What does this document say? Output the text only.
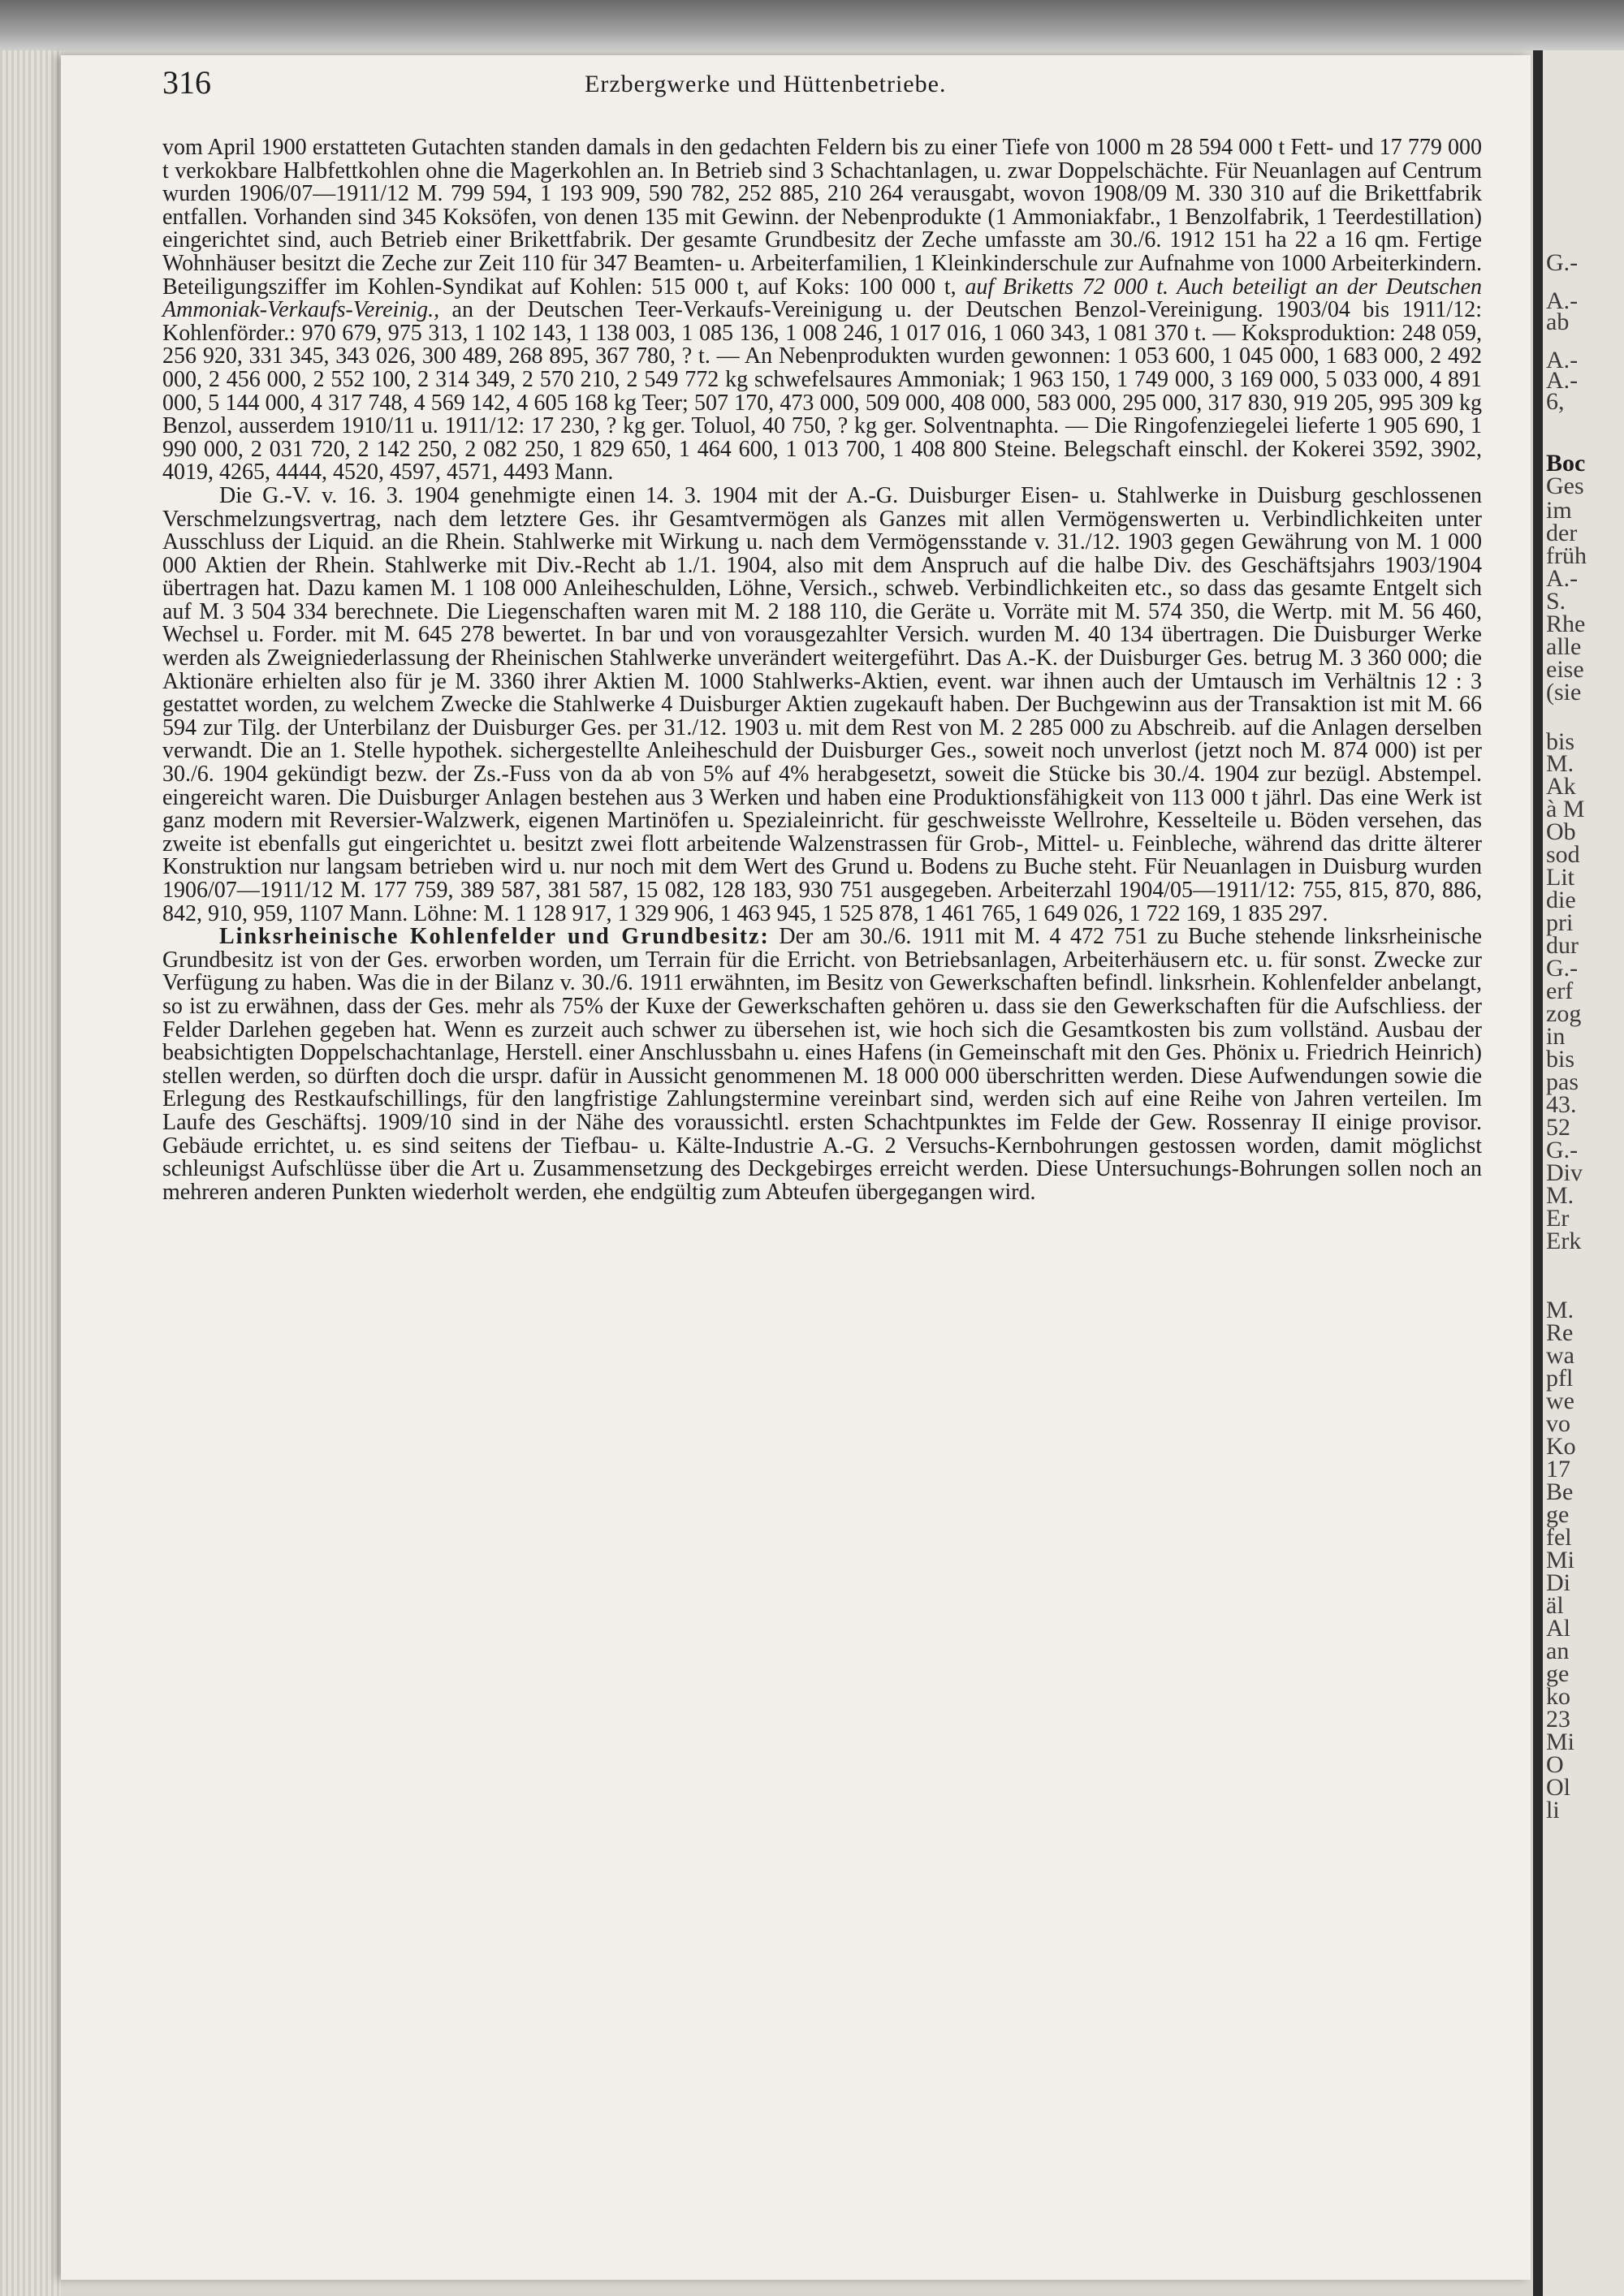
G.-
A.-
ab
A.-
A.-
6,
Boc
Ges
im
der
früh
A.-
S.
Rhe
alle
eise
(sie
bis
M.
Ak
à M
Ob
sod
Lit
die
pri
dur
G.-
erf
zog
in
bis
pas
43.
52
G.-
Div
M.
Er
Erk
M.
Re
wa
pfl
we
vo
Ko
17
Be
ge
fel
Mi
Di
äl
Al
an
ge
ko
23
Mi
O
Ol
li
316	Erzbergwerke und Hüttenbetriebe.

vom April 1900 erstatteten Gutachten standen damals in den gedachten Feldern bis zu einer Tiefe von 1000 m 28 594 000 t Fett- und 17 779 000 t verkokbare Halbfettkohlen ohne die Magerkohlen an. In Betrieb sind 3 Schachtanlagen, u. zwar Doppelschächte. Für Neuanlagen auf Centrum wurden 1906/07—1911/12 M. 799 594, 1 193 909, 590 782, 252 885, 210 264 verausgabt, wovon 1908/09 M. 330 310 auf die Brikettfabrik entfallen. Vorhanden sind 345 Koksöfen, von denen 135 mit Gewinn. der Nebenprodukte (1 Ammoniakfabr., 1 Benzolfabrik, 1 Teerdestillation) eingerichtet sind, auch Betrieb einer Brikettfabrik. Der gesamte Grundbesitz der Zeche umfasste am 30./6. 1912 151 ha 22 a 16 qm. Fertige Wohnhäuser besitzt die Zeche zur Zeit 110 für 347 Beamten- u. Arbeiterfamilien, 1 Kleinkinderschule zur Aufnahme von 1000 Arbeiterkindern. Beteiligungsziffer im Kohlen-Syndikat auf Kohlen: 515 000 t, auf Koks: 100 000 t, auf Briketts 72 000 t. Auch beteiligt an der Deutschen Ammoniak-Verkaufs-Vereinig., an der Deutschen Teer-Verkaufs-Vereinigung u. der Deutschen Benzol-Vereinigung. 1903/04 bis 1911/12: Kohlenförder.: 970 679, 975 313, 1 102 143, 1 138 003, 1 085 136, 1 008 246, 1 017 016, 1 060 343, 1 081 370 t. — Koksproduktion: 248 059, 256 920, 331 345, 343 026, 300 489, 268 895, 367 780, ? t. — An Nebenprodukten wurden gewonnen: 1 053 600, 1 045 000, 1 683 000, 2 492 000, 2 456 000, 2 552 100, 2 314 349, 2 570 210, 2 549 772 kg schwefelsaures Ammoniak; 1 963 150, 1 749 000, 3 169 000, 5 033 000, 4 891 000, 5 144 000, 4 317 748, 4 569 142, 4 605 168 kg Teer; 507 170, 473 000, 509 000, 408 000, 583 000, 295 000, 317 830, 919 205, 995 309 kg Benzol, ausserdem 1910/11 u. 1911/12: 17 230, ? kg ger. Toluol, 40 750, ? kg ger. Solventnaphta. — Die Ringofenziegelei lieferte 1 905 690, 1 990 000, 2 031 720, 2 142 250, 2 082 250, 1 829 650, 1 464 600, 1 013 700, 1 408 800 Steine. Belegschaft einschl. der Kokerei 3592, 3902, 4019, 4265, 4444, 4520, 4597, 4571, 4493 Mann.

Die G.-V. v. 16. 3. 1904 genehmigte einen 14. 3. 1904 mit der A.-G. Duisburger Eisen- u. Stahlwerke in Duisburg geschlossenen Verschmelzungsvertrag, nach dem letztere Ges. ihr Gesamtvermögen als Ganzes mit allen Vermögenswerten u. Verbindlichkeiten unter Ausschluss der Liquid. an die Rhein. Stahlwerke mit Wirkung u. nach dem Vermögensstande v. 31./12. 1903 gegen Gewährung von M. 1 000 000 Aktien der Rhein. Stahlwerke mit Div.-Recht ab 1./1. 1904, also mit dem Anspruch auf die halbe Div. des Geschäftsjahrs 1903/1904 übertragen hat. Dazu kamen M. 1 108 000 Anleiheschulden, Löhne, Versich., schweb. Verbindlichkeiten etc., so dass das gesamte Entgelt sich auf M. 3 504 334 berechnete. Die Liegenschaften waren mit M. 2 188 110, die Geräte u. Vorräte mit M. 574 350, die Wertp. mit M. 56 460, Wechsel u. Forder. mit M. 645 278 bewertet. In bar und von vorausgezahlter Versich. wurden M. 40 134 übertragen. Die Duisburger Werke werden als Zweigniederlassung der Rheinischen Stahlwerke unverändert weitergeführt. Das A.-K. der Duisburger Ges. betrug M. 3 360 000; die Aktionäre erhielten also für je M. 3360 ihrer Aktien M. 1000 Stahlwerks-Aktien, event. war ihnen auch der Umtausch im Verhältnis 12 : 3 gestattet worden, zu welchem Zwecke die Stahlwerke 4 Duisburger Aktien zugekauft haben. Der Buchgewinn aus der Transaktion ist mit M. 66 594 zur Tilg. der Unterbilanz der Duisburger Ges. per 31./12. 1903 u. mit dem Rest von M. 2 285 000 zu Abschreib. auf die Anlagen derselben verwandt. Die an 1. Stelle hypothek. sichergestellte Anleiheschuld der Duisburger Ges., soweit noch unverlost (jetzt noch M. 874 000) ist per 30./6. 1904 gekündigt bezw. der Zs.-Fuss von da ab von 5% auf 4% herabgesetzt, soweit die Stücke bis 30./4. 1904 zur bezügl. Abstempel. eingereicht waren. Die Duisburger Anlagen bestehen aus 3 Werken und haben eine Produktionsfähigkeit von 113 000 t jährl. Das eine Werk ist ganz modern mit Reversier-Walzwerk, eigenen Martinöfen u. Spezialeinricht. für geschweisste Wellrohre, Kesselteile u. Böden versehen, das zweite ist ebenfalls gut eingerichtet u. besitzt zwei flott arbeitende Walzenstrassen für Grob-, Mittel- u. Feinbleche, während das dritte älterer Konstruktion nur langsam betrieben wird u. nur noch mit dem Wert des Grund u. Bodens zu Buche steht. Für Neuanlagen in Duisburg wurden 1906/07—1911/12 M. 177 759, 389 587, 381 587, 15 082, 128 183, 930 751 ausgegeben. Arbeiterzahl 1904/05—1911/12: 755, 815, 870, 886, 842, 910, 959, 1107 Mann. Löhne: M. 1 128 917, 1 329 906, 1 463 945, 1 525 878, 1 461 765, 1 649 026, 1 722 169, 1 835 297.

Linksrheinische Kohlenfelder und Grundbesitz: Der am 30./6. 1911 mit M. 4 472 751 zu Buche stehende linksrheinische Grundbesitz ist von der Ges. erworben worden, um Terrain für die Erricht. von Betriebsanlagen, Arbeiterhäusern etc. u. für sonst. Zwecke zur Verfügung zu haben. Was die in der Bilanz v. 30./6. 1911 erwähnten, im Besitz von Gewerkschaften befindl. linksrhein. Kohlenfelder anbelangt, so ist zu erwähnen, dass der Ges. mehr als 75% der Kuxe der Gewerkschaften gehören u. dass sie den Gewerkschaften für die Aufschliess. der Felder Darlehen gegeben hat. Wenn es zurzeit auch schwer zu übersehen ist, wie hoch sich die Gesamtkosten bis zum vollständ. Ausbau der beabsichtigten Doppelschachtanlage, Herstell. einer Anschlussbahn u. eines Hafens (in Gemeinschaft mit den Ges. Phönix u. Friedrich Heinrich) stellen werden, so dürften doch die urspr. dafür in Aussicht genommenen M. 18 000 000 überschritten werden. Diese Aufwendungen sowie die Erlegung des Restkaufschillings, für den langfristige Zahlungstermine vereinbart sind, werden sich auf eine Reihe von Jahren verteilen. Im Laufe des Geschäftsj. 1909/10 sind in der Nähe des voraussichtl. ersten Schachtpunktes im Felde der Gew. Rossenray II einige provisor. Gebäude errichtet, u. es sind seitens der Tiefbau- u. Kälte-Industrie A.-G. 2 Versuchs-Kernbohrungen gestossen worden, damit möglichst schleunigst Aufschlüsse über die Art u. Zusammensetzung des Deckgebirges erreicht werden. Diese Untersuchungs-Bohrungen sollen noch an mehreren anderen Punkten wiederholt werden, ehe endgültig zum Abteufen übergegangen wird.
